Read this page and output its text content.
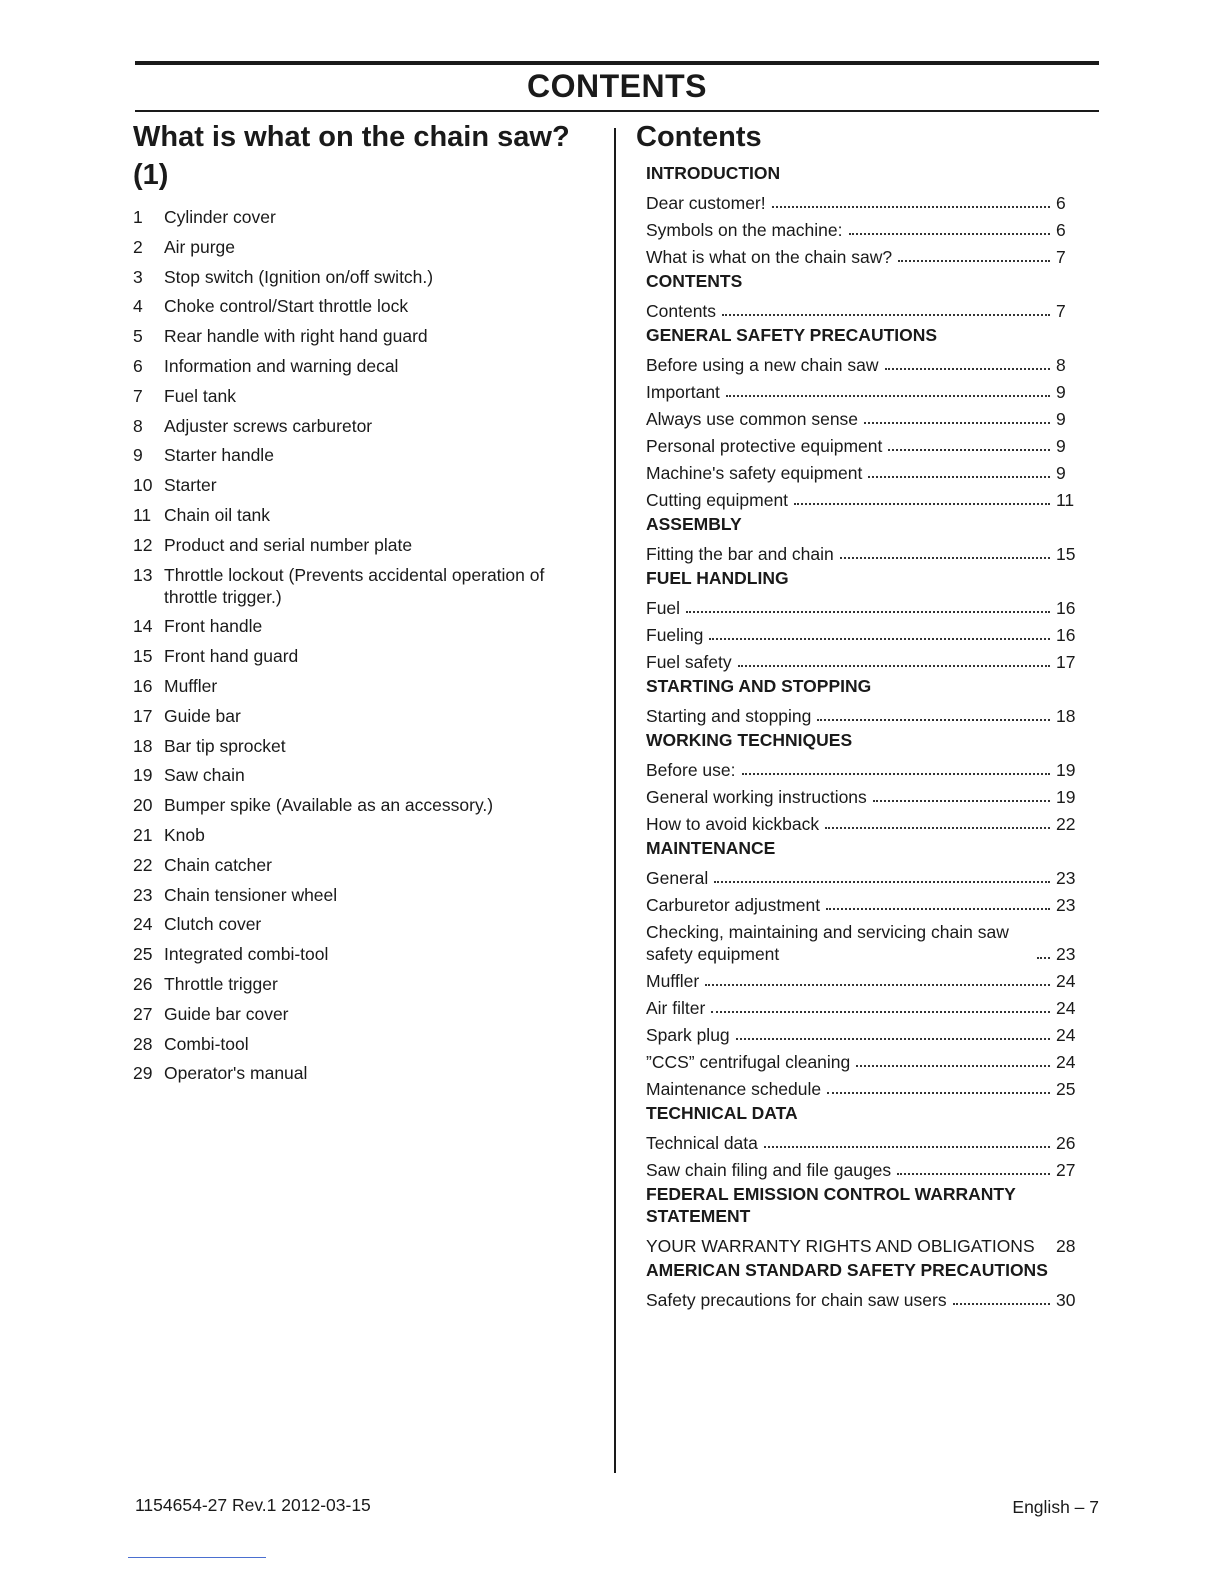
CONTENTS
What is what on the chain saw? (1)
1	Cylinder cover
2	Air purge
3	Stop switch (Ignition on/off switch.)
4	Choke control/Start throttle lock
5	Rear handle with right hand guard
6	Information and warning decal
7	Fuel tank
8	Adjuster screws carburetor
9	Starter handle
10 Starter
11 Chain oil tank
12 Product and serial number plate
13 Throttle lockout (Prevents accidental operation of throttle trigger.)
14 Front handle
15 Front hand guard
16 Muffler
17 Guide bar
18 Bar tip sprocket
19 Saw chain
20 Bumper spike (Available as an accessory.)
21 Knob
22 Chain catcher
23 Chain tensioner wheel
24 Clutch cover
25 Integrated combi-tool
26 Throttle trigger
27 Guide bar cover
28 Combi-tool
29 Operator's manual
Contents
INTRODUCTION
Dear customer!	6
Symbols on the machine:	6
What is what on the chain saw?	7
CONTENTS
Contents	7
GENERAL SAFETY PRECAUTIONS
Before using a new chain saw	8
Important	9
Always use common sense	9
Personal protective equipment	9
Machine's safety equipment	9
Cutting equipment	11
ASSEMBLY
Fitting the bar and chain	15
FUEL HANDLING
Fuel	16
Fueling	16
Fuel safety	17
STARTING AND STOPPING
Starting and stopping	18
WORKING TECHNIQUES
Before use:	19
General working instructions	19
How to avoid kickback	22
MAINTENANCE
General	23
Carburetor adjustment	23
Checking, maintaining and servicing chain saw safety equipment	23
Muffler	24
Air filter	24
Spark plug	24
”CCS” centrifugal cleaning	24
Maintenance schedule	25
TECHNICAL DATA
Technical data	26
Saw chain filing and file gauges	27
FEDERAL EMISSION CONTROL WARRANTY STATEMENT
YOUR WARRANTY RIGHTS AND OBLIGATIONS 28
AMERICAN STANDARD SAFETY PRECAUTIONS
Safety precautions for chain saw users	30
1154654-27 Rev.1 2012-03-15	English – 7
